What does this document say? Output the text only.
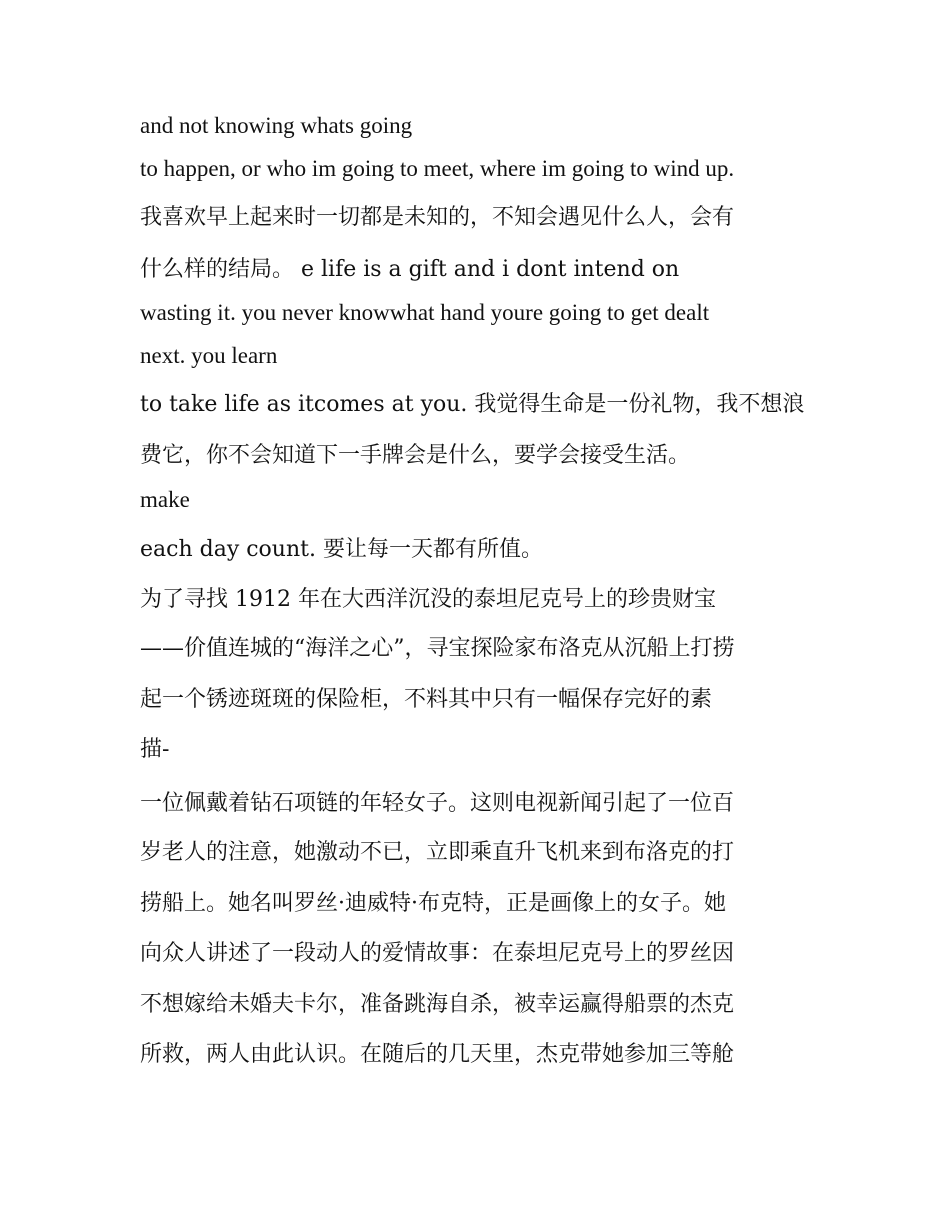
and not knowing whats going
to happen, or who im going to meet, where im going to wind up.
我喜欢早上起来时一切都是未知的，不知会遇见什么人，会有
什么样的结局。 e life is a gift and i dont intend on
wasting it. you never knowwhat hand youre going to get dealt
next. you learn
to take life as itcomes at you. 我觉得生命是一份礼物，我不想浪
费它，你不会知道下一手牌会是什么，要学会接受生活。
make
each day count. 要让每一天都有所值。
为了寻找 1912 年在大西洋沉没的泰坦尼克号上的珍贵财宝
——价值连城的“海洋之心”，寻宝探险家布洛克从沉船上打捞
起一个锈迹斑斑的保险柜，不料其中只有一幅保存完好的素
描-
一位佩戴着钻石项链的年轻女子。这则电视新闻引起了一位百
岁老人的注意，她激动不已，立即乘直升飞机来到布洛克的打
捞船上。她名叫罗丝·迪威特·布克特，正是画像上的女子。她
向众人讲述了一段动人的爱情故事：在泰坦尼克号上的罗丝因
不想嫁给未婚夫卡尔，准备跳海自杀，被幸运赢得船票的杰克
所救，两人由此认识。在随后的几天里，杰克带她参加三等舱
